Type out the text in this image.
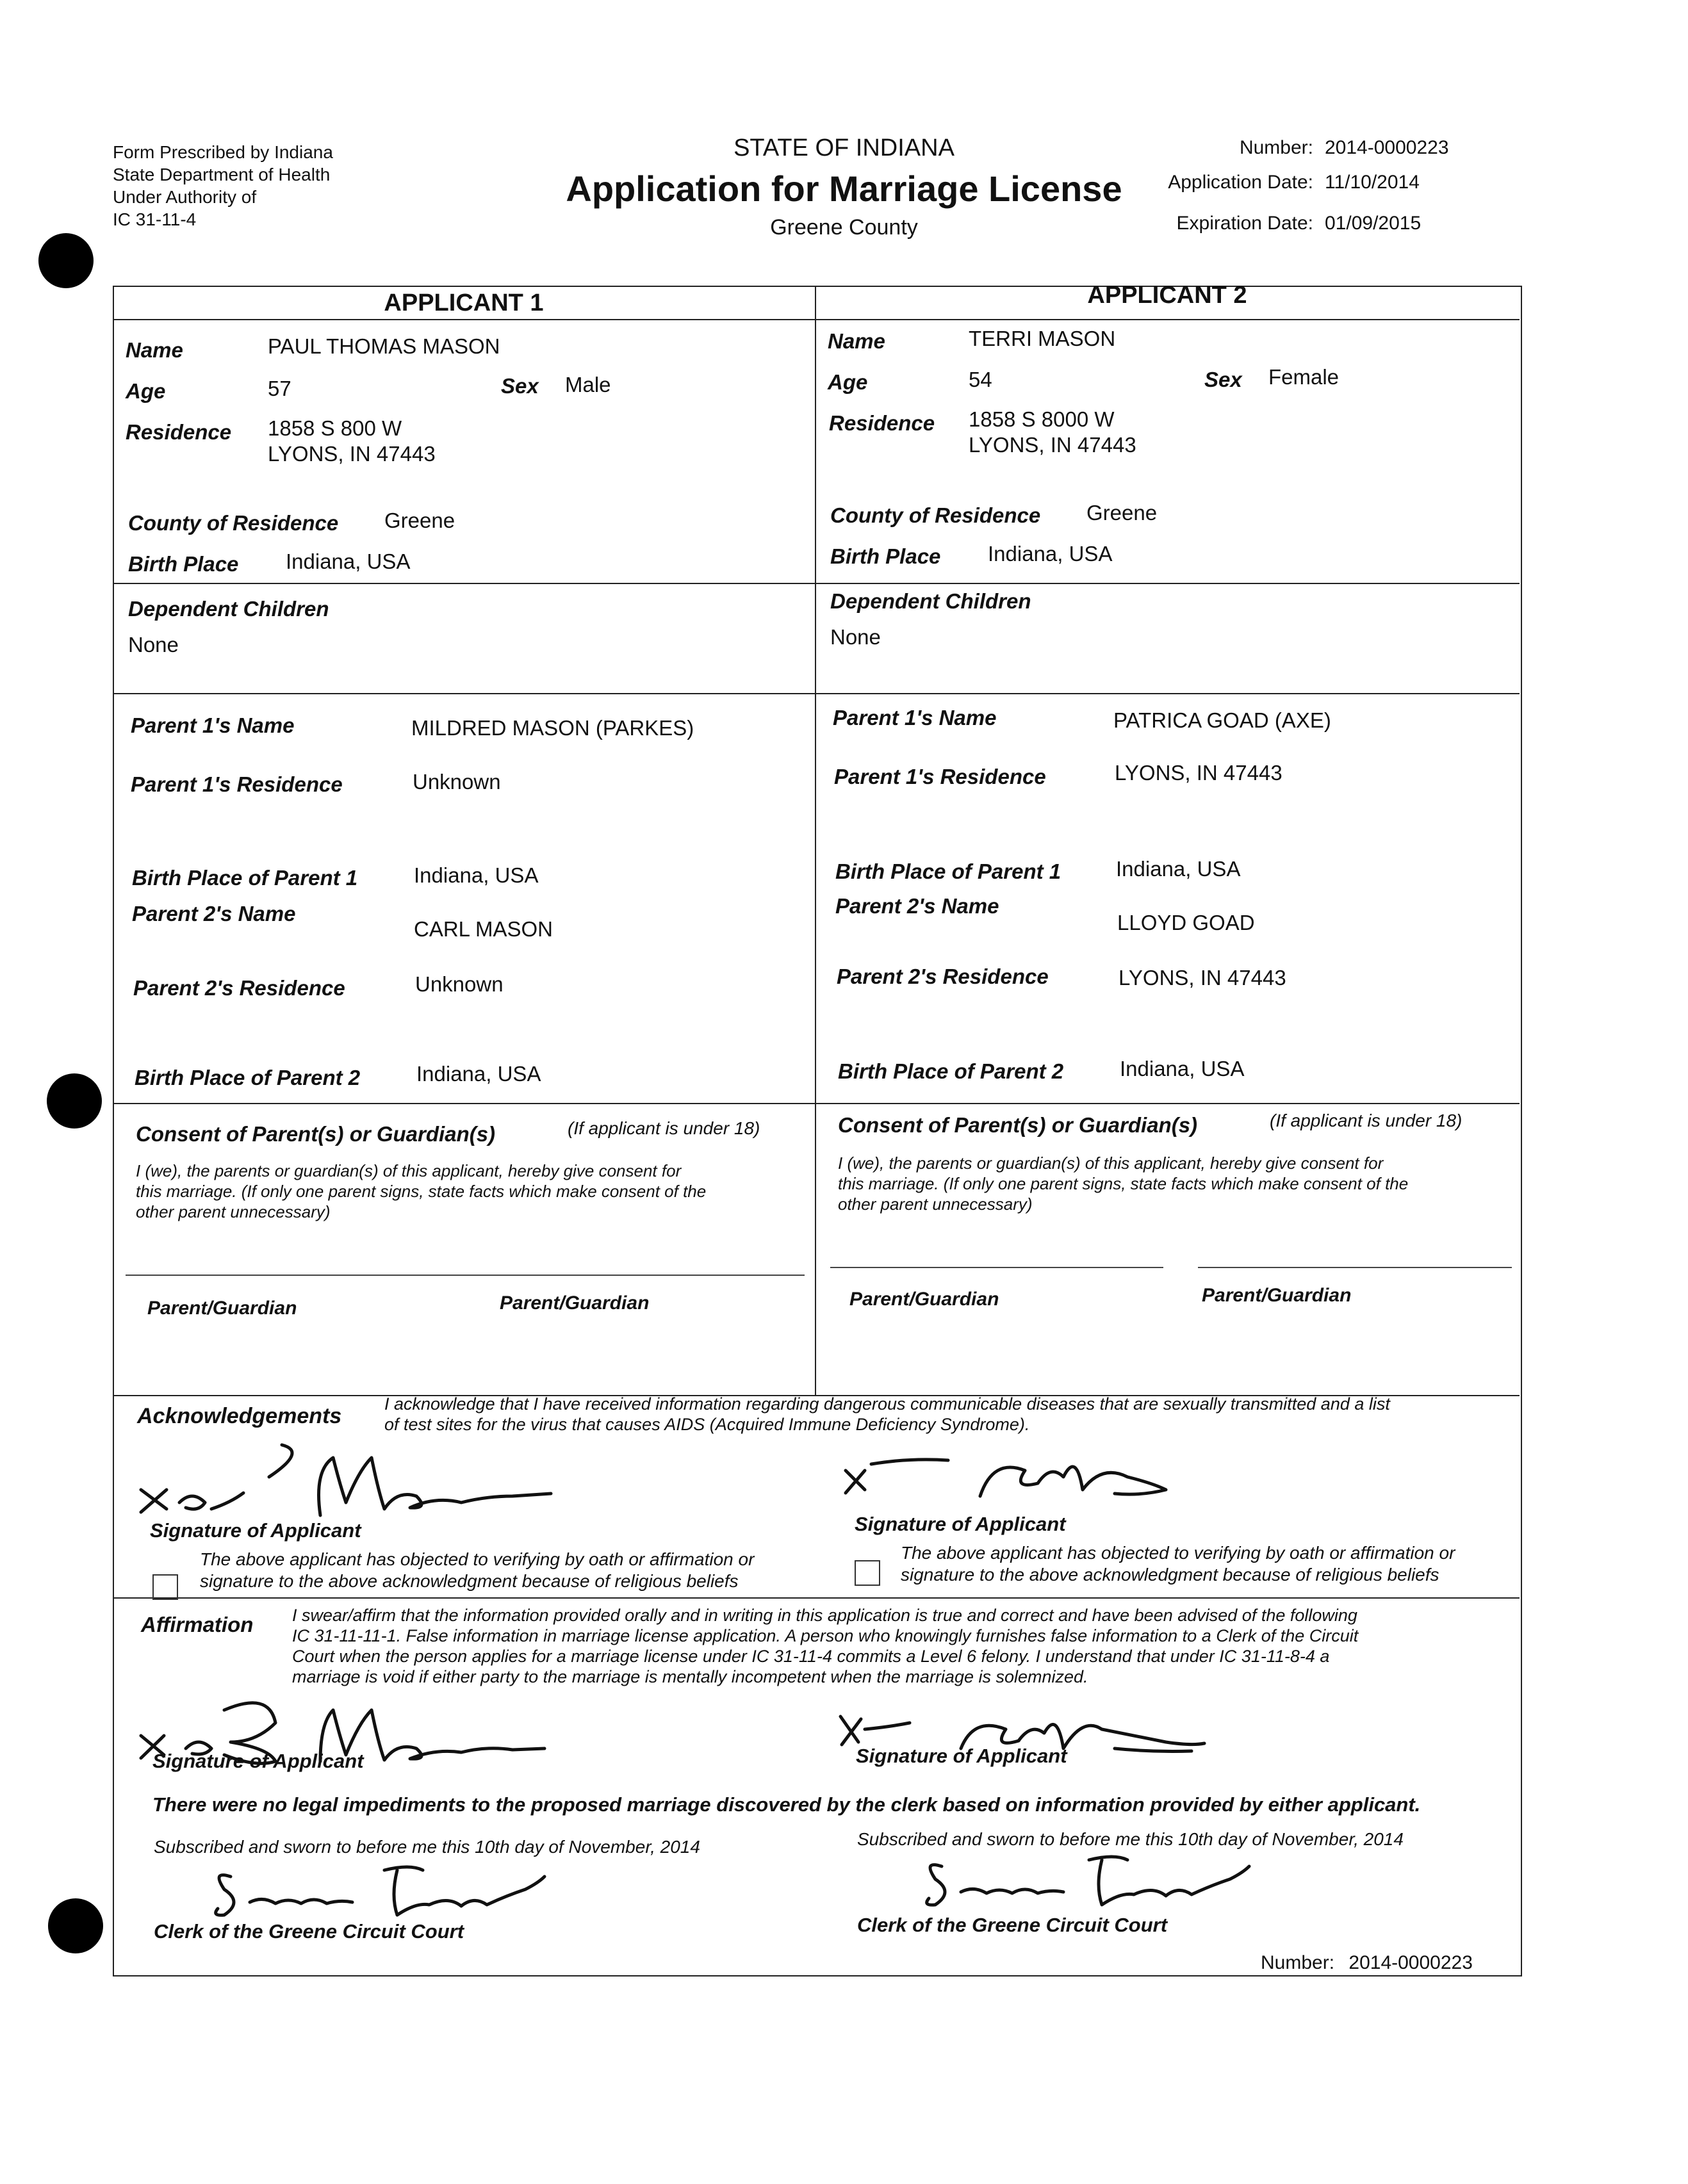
Form Prescribed by Indiana
State Department of Health
Under Authority of
IC 31-11-4
STATE OF INDIANA
Application for Marriage License
Greene County
Number: 2014-0000223
Application Date: 11/10/2014
Expiration Date: 01/09/2015
APPLICANT 1	APPLICANT 2
Name	PAUL THOMAS MASON
Age	57	Sex Male
Residence 1858 S 800 W
LYONS, IN 47443
County of Residence Greene
Birth Place Indiana, USA
Dependent Children
None
Parent 1's Name	MILDRED MASON (PARKES)
Parent 1's Residence	Unknown
Birth Place of Parent 1	Indiana, USA
Parent 2's Name
CARL MASON
Parent 2's Residence	Unknown
Birth Place of Parent 2	Indiana, USA
Name	TERRI MASON
Age	54	Sex Female
Residence 1858 S 8000 W
LYONS, IN 47443
County of Residence Greene
Birth Place Indiana, USA
Dependent Children
None
Parent 1's Name	PATRICA GOAD (AXE)
Parent 1's Residence	LYONS, IN 47443
Birth Place of Parent 1	Indiana, USA
Parent 2's Name
LLOYD GOAD
Parent 2's Residence	LYONS, IN 47443
Birth Place of Parent 2	Indiana, USA
Consent of Parent(s) or Guardian(s)	(If applicant is under 18)
I (we), the parents or guardian(s) of this applicant, hereby give consent for
this marriage. (If only one parent signs, state facts which make consent of the
other parent unnecessary)
Parent/Guardian	Parent/Guardian
Consent of Parent(s) or Guardian(s)	(If applicant is under 18)
I (we), the parents or guardian(s) of this applicant, hereby give consent for
this marriage. (If only one parent signs, state facts which make consent of the
other parent unnecessary)
Parent/Guardian	Parent/Guardian
Acknowledgements I acknowledge that I have received information regarding dangerous communicable diseases that are sexually transmitted and a list
of test sites for the virus that causes AIDS (Acquired Immune Deficiency Syndrome).
Signature of Applicant	Signature of Applicant
The above applicant has objected to verifying by oath or affirmation or
signature to the above acknowledgment because of religious beliefs
The above applicant has objected to verifying by oath or affirmation or
signature to the above acknowledgment because of religious beliefs
Affirmation I swear/affirm that the information provided orally and in writing in this application is true and correct and have been advised of the following
IC 31-11-11-1. False information in marriage license application. A person who knowingly furnishes false information to a Clerk of the Circuit
Court when the person applies for a marriage license under IC 31-11-4 commits a Level 6 felony. I understand that under IC 31-11-8-4 a
marriage is void if either party to the marriage is mentally incompetent when the marriage is solemnized.
Signature of Applicant	Signature of Applicant
There were no legal impediments to the proposed marriage discovered by the clerk based on information provided by either applicant.
Subscribed and sworn to before me this 10th day of November, 2014	Subscribed and sworn to before me this 10th day of November, 2014
Clerk of the Greene Circuit Court	Clerk of the Greene Circuit Court
Number: 2014-0000223
